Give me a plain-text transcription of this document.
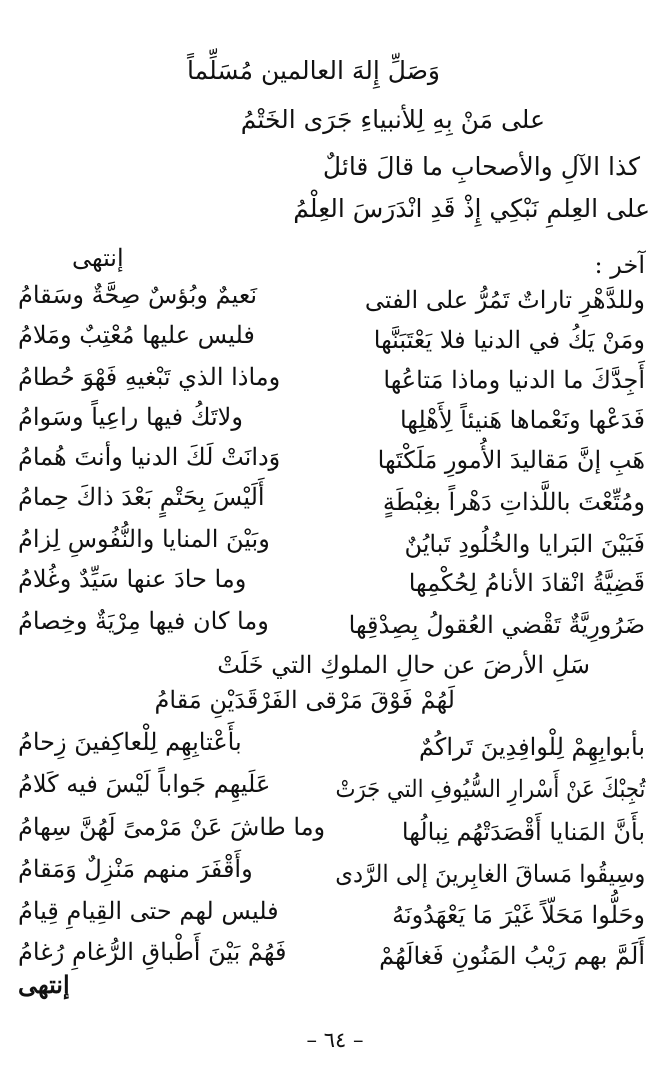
وَصَلِّ إِلهَ العالمين مُسَلِّماً
على مَنْ بِهِ لِلأنبياءِ جَرَى الخَتْمُ
كذا الآلِ والأصحابِ ما قالَ قائلٌ
على العِلمِ نَبْكِي إِذْ قَدِ انْدَرَسَ العِلْمُ
إنتهى	آخر :
وللدَّهْرِ تاراتٌ تَمُرُّ على الفتى
نَعيمٌ وبُؤسٌ صِحَّةٌ وسَقامُ
ومَنْ يَكُ في الدنيا فلا يَعْتَبَنَّها
فليس عليها مُعْتِبٌ ومَلامُ
أَجِدَّكَ ما الدنيا وماذا مَتاعُها
وماذا الذي تَبْغيهِ فَهْوَ حُطامُ
فَدَعْها ونَعْماها هَنيئاً لِأَهْلِها
ولاتَكُ فيها راعِياً وسَوامُ
هَبِ إنَّ مَقاليدَ الأُمورِ مَلَكْتَها
وَدانَتْ لَكَ الدنيا وأنتَ هُمامُ
ومُتِّعْتَ باللَّذاتِ دَهْراً بغِبْطَةٍ
أَلَيْسَ بِحَتْمٍ بَعْدَ ذاكَ حِمامُ
فَبَيْنَ البَرايا والخُلُودِ تَبايُنٌ
وبَيْنَ المنايا والنُّفُوسِ لِزامُ
قَضِيَّةُ انْقادَ الأنامُ لِحُكْمِها
وما حادَ عنها سَيِّدٌ وغُلامُ
ضَرُورِيَّةٌ تَقْضي العُقولُ بِصِدْقِها
وما كان فيها مِرْيَةٌ وخِصامُ
سَلِ الأرضَ عن حالِ الملوكِ التي خَلَتْ
لَهُمْ فَوْقَ مَرْقى الفَرْقَدَيْنِ مَقامُ
بأبوابِهِمْ لِلْوافِدِينَ تَراكُمٌ
بأَعْتابِهِم لِلْعاكِفينَ زِحامُ
تُجِبْكَ عَنْ أَسْرارِ السُّيُوفِ التي جَرَتْ
عَلَيهِم جَواباً لَيْسَ فيه كَلامُ
بأَنَّ المَنايا أَقْصَدَتْهُم نِبالُها
وما طاشَ عَنْ مَرْمىً لَهُنَّ سِهامُ
وسِيقُوا مَساقَ الغابِرينَ إلى الرَّدى
وأَقْفَرَ منهم مَنْزِلٌ وَمَقامُ
وحَلُّوا مَحَلّاً غَيْرَ مَا يَعْهَدُونَهُ
فليس لهم حتى القِيامِ قِيامُ
أَلَمَّ بهم رَيْبُ المَنُونِ فَغالَهُمْ
فَهُمْ بَيْنَ أَطْباقِ الرُّغامِ رُغامُ
إنتهى
– ٦٤ –
